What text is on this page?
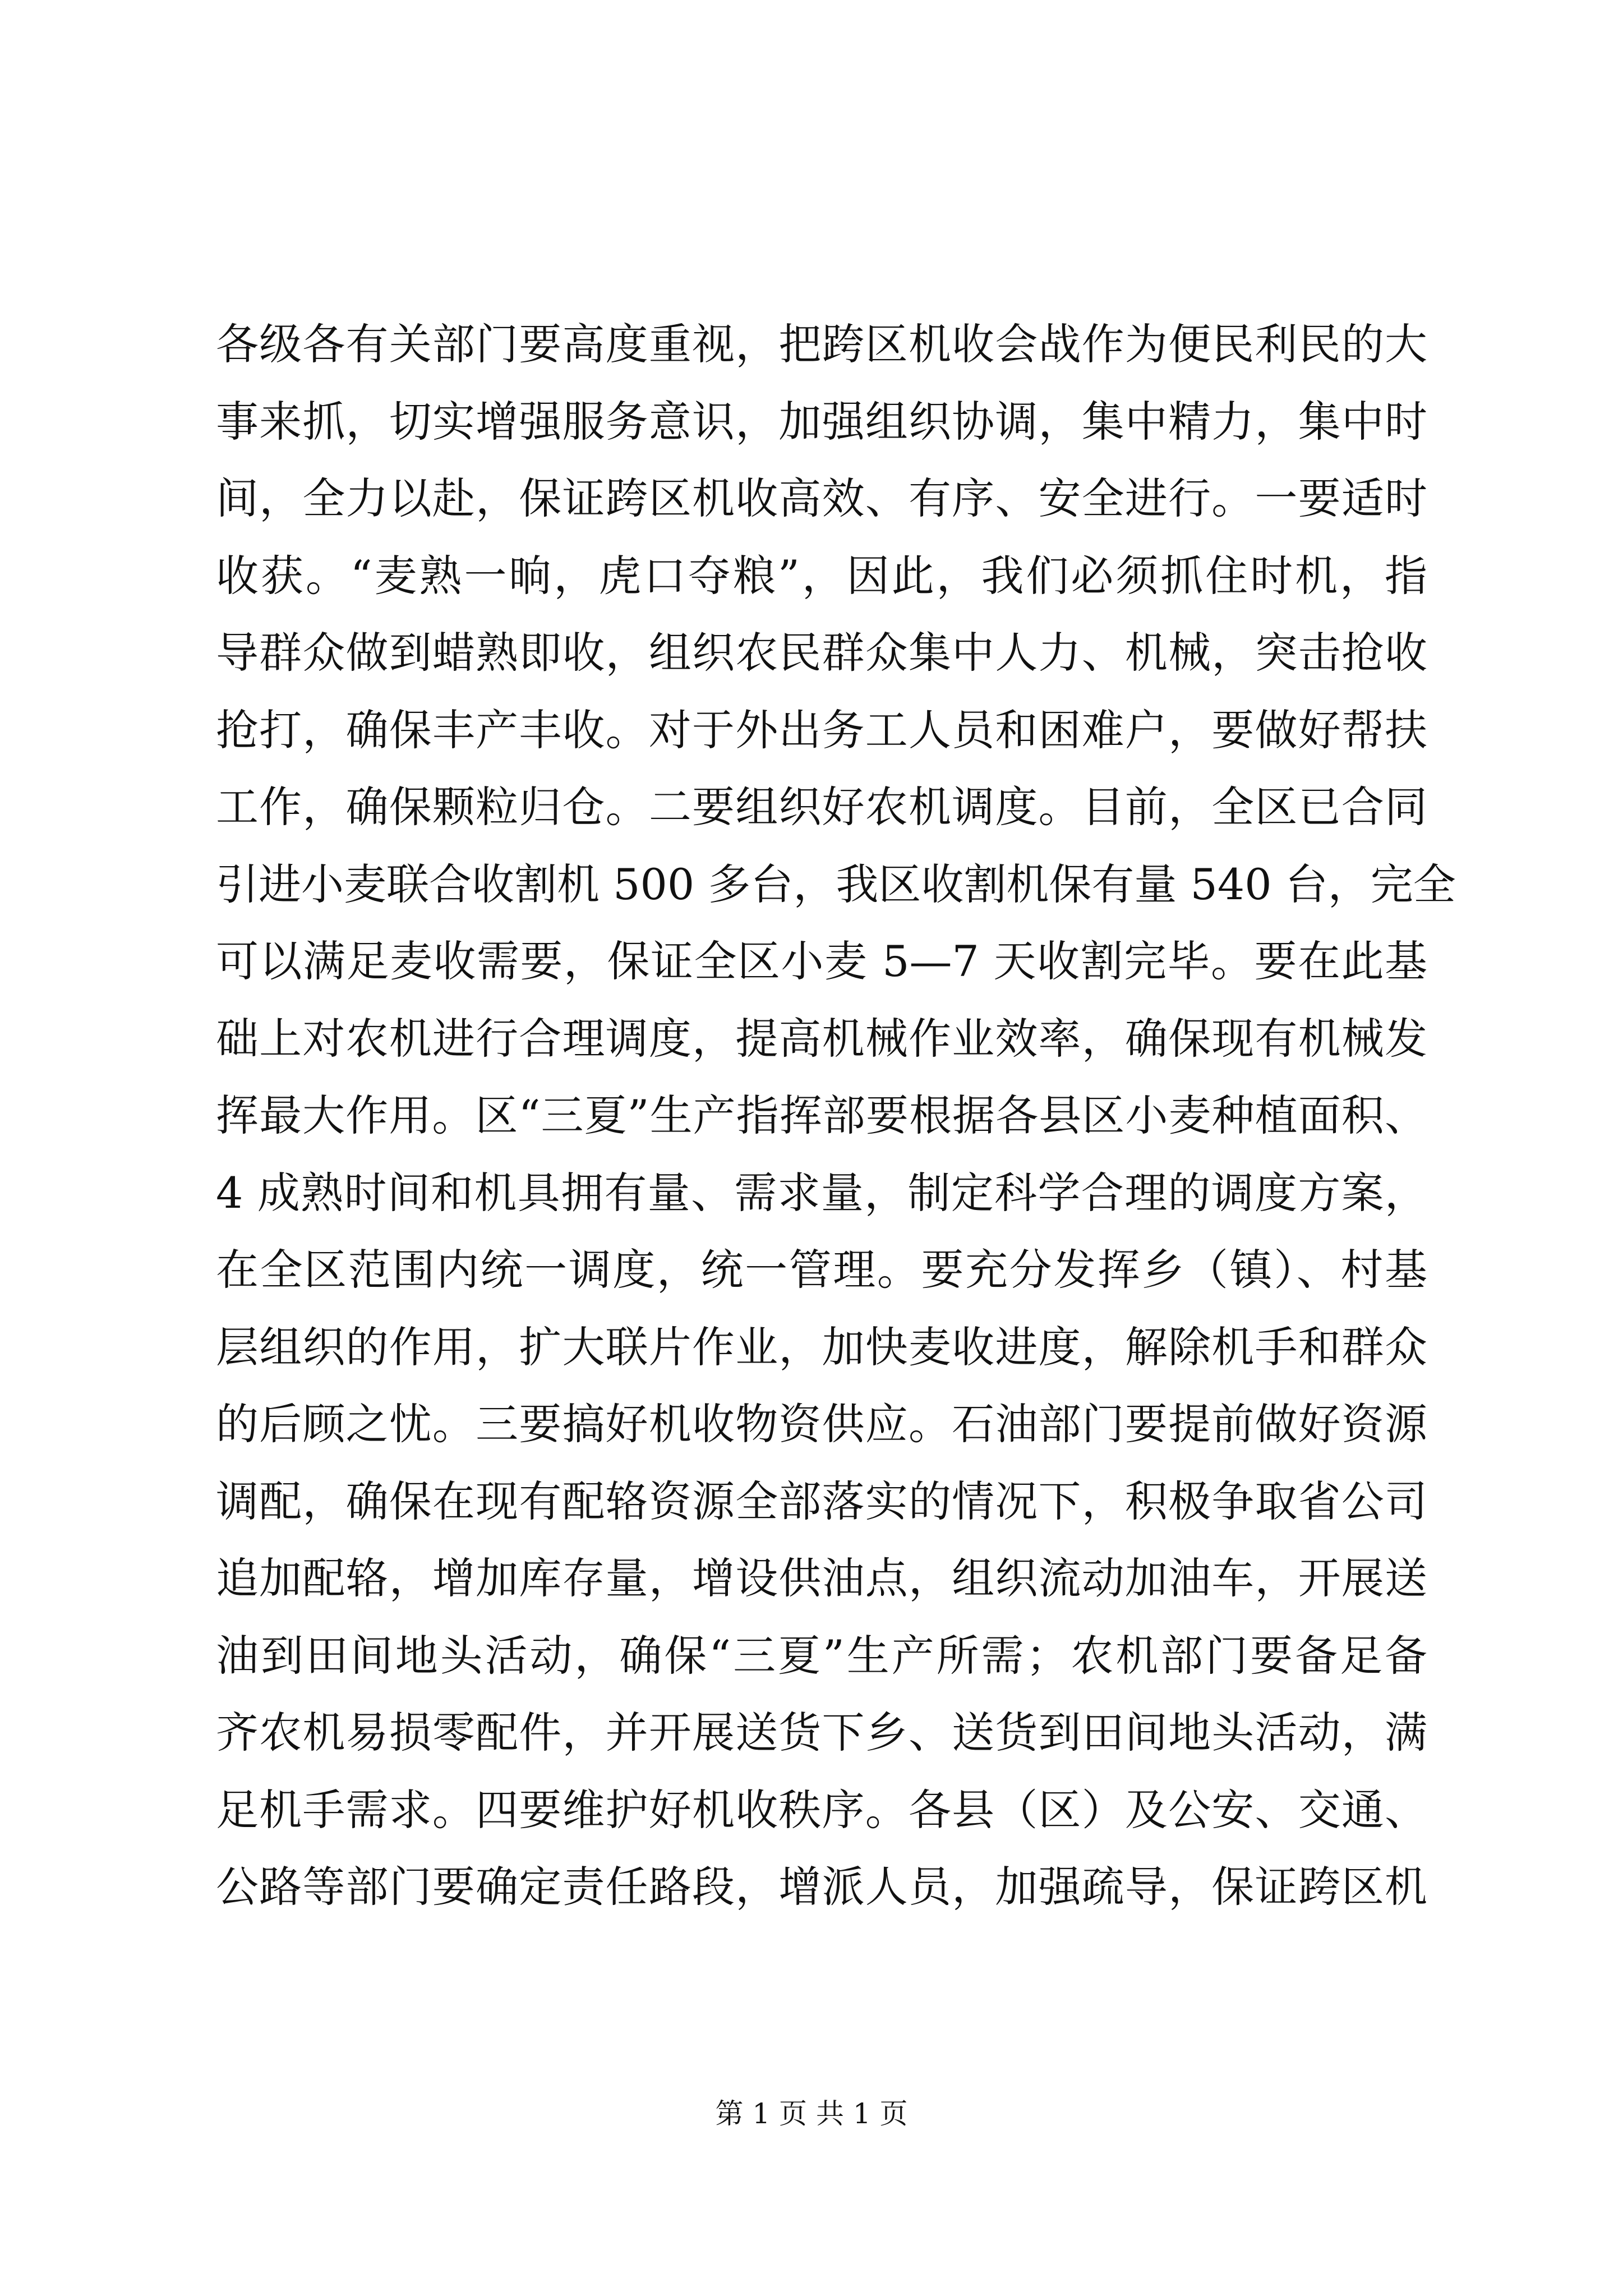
各级各有关部门要高度重视，把跨区机收会战作为便民利民的大
事来抓，切实增强服务意识，加强组织协调，集中精力，集中时
间，全力以赴，保证跨区机收高效、有序、安全进行。一要适时
收获。“麦熟一晌，虎口夺粮”，因此，我们必须抓住时机，指
导群众做到蜡熟即收，组织农民群众集中人力、机械，突击抢收
抢打，确保丰产丰收。对于外出务工人员和困难户，要做好帮扶
工作，确保颗粒归仓。二要组织好农机调度。目前，全区已合同
引进小麦联合收割机 500 多台，我区收割机保有量 540 台，完全
可以满足麦收需要，保证全区小麦 5—7 天收割完毕。要在此基
础上对农机进行合理调度，提高机械作业效率，确保现有机械发
挥最大作用。区“三夏”生产指挥部要根据各县区小麦种植面积、
4 成熟时间和机具拥有量、需求量，制定科学合理的调度方案，
在全区范围内统一调度，统一管理。要充分发挥乡（镇）、村基
层组织的作用，扩大联片作业，加快麦收进度，解除机手和群众
的后顾之忧。三要搞好机收物资供应。石油部门要提前做好资源
调配，确保在现有配辂资源全部落实的情况下，积极争取省公司
追加配辂，增加库存量，增设供油点，组织流动加油车，开展送
油到田间地头活动，确保“三夏”生产所需；农机部门要备足备
齐农机易损零配件，并开展送货下乡、送货到田间地头活动，满
足机手需求。四要维护好机收秩序。各县（区）及公安、交通、
公路等部门要确定责任路段，增派人员，加强疏导，保证跨区机
第 1 页 共 1 页
